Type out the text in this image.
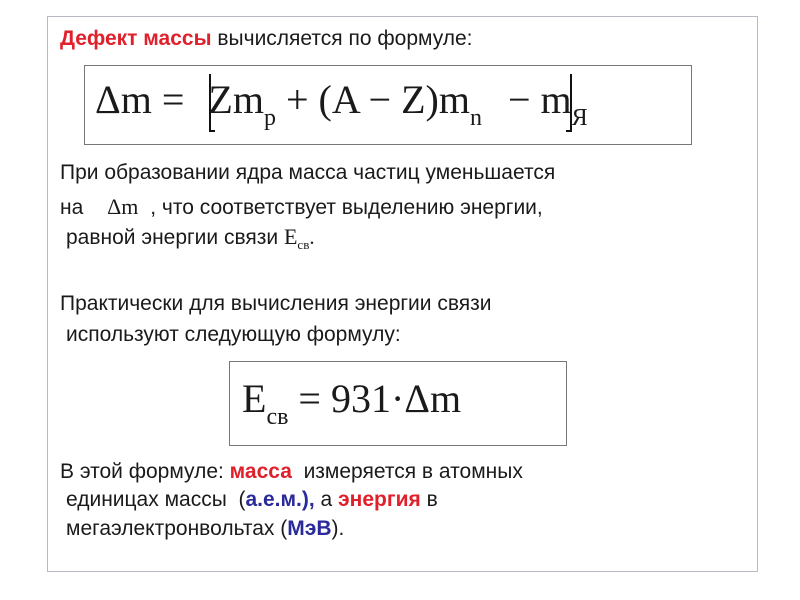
Дефект массы вычисляется по формуле:
$\Delta m = Zm_p + (A - Z)m_n - m_Я$
При образовании ядра масса частиц уменьшается
на Δm , что соответствует выделению энергии,
равной энергии связи $E_{св}$.
Практически для вычисления энергии связи
используют следующую формулу:
$E_{св} = 931\cdot\Delta m$
В этой формуле: масса  измеряется в атомных
единицах массы  (а.е.м.), а энергия в
мегаэлектронвольтах (МэВ).
